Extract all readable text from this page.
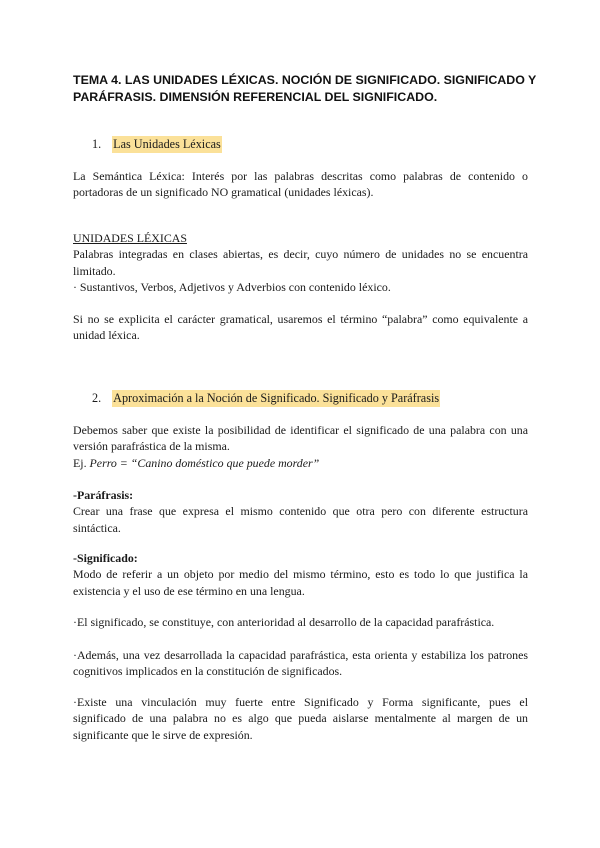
TEMA 4. LAS UNIDADES LÉXICAS. NOCIÓN DE SIGNIFICADO. SIGNIFICADO Y
PARÁFRASIS. DIMENSIÓN REFERENCIAL DEL SIGNIFICADO.
1. Las Unidades Léxicas

La Semántica Léxica: Interés por las palabras descritas como palabras de contenido o
portadoras de un significado NO gramatical (unidades léxicas).

UNIDADES LÉXICAS
Palabras integradas en clases abiertas, es decir, cuyo número de unidades no se encuentra
limitado.
· Sustantivos, Verbos, Adjetivos y Adverbios con contenido léxico.

Si no se explicita el carácter gramatical, usaremos el término “palabra” como equivalente a
unidad léxica.

2. Aproximación a la Noción de Significado. Significado y Paráfrasis

Debemos saber que existe la posibilidad de identificar el significado de una palabra con una
versión parafrástica de la misma.
Ej. Perro = “Canino doméstico que puede morder”

-Paráfrasis:
Crear una frase que expresa el mismo contenido que otra pero con diferente estructura
sintáctica.

-Significado:
Modo de referir a un objeto por medio del mismo término, esto es todo lo que justifica la
existencia y el uso de ese término en una lengua.

·El significado, se constituye, con anterioridad al desarrollo de la capacidad parafrástica.

·Además, una vez desarrollada la capacidad parafrástica, esta orienta y estabiliza los patrones
cognitivos implicados en la constitución de significados.

·Existe una vinculación muy fuerte entre Significado y Forma significante, pues el
significado de una palabra no es algo que pueda aislarse mentalmente al margen de un
significante que le sirve de expresión.
